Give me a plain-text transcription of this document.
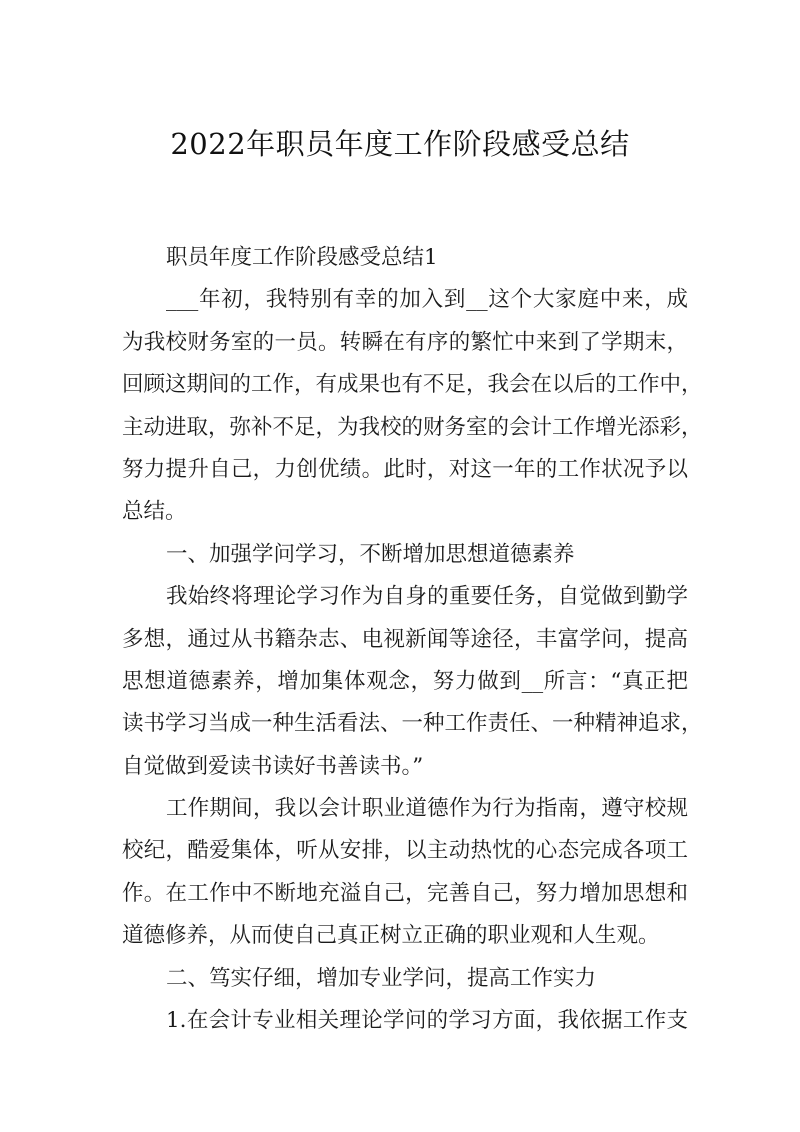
2022年职员年度工作阶段感受总结
职员年度工作阶段感受总结1
___年初，我特别有幸的加入到__这个大家庭中来，成
为我校财务室的一员。转瞬在有序的繁忙中来到了学期末，
回顾这期间的工作，有成果也有不足，我会在以后的工作中，
主动进取，弥补不足，为我校的财务室的会计工作增光添彩，
努力提升自己，力创优绩。此时，对这一年的工作状况予以
总结。
一、加强学问学习，不断增加思想道德素养
我始终将理论学习作为自身的重要任务，自觉做到勤学
多想，通过从书籍杂志、电视新闻等途径，丰富学问，提高
思想道德素养，增加集体观念，努力做到__所言：“真正把
读书学习当成一种生活看法、一种工作责任、一种精神追求，
自觉做到爱读书读好书善读书。”
工作期间，我以会计职业道德作为行为指南，遵守校规
校纪，酷爱集体，听从安排，以主动热忱的心态完成各项工
作。在工作中不断地充溢自己，完善自己，努力增加思想和
道德修养，从而使自己真正树立正确的职业观和人生观。
二、笃实仔细，增加专业学问，提高工作实力
1.在会计专业相关理论学问的学习方面，我依据工作支
